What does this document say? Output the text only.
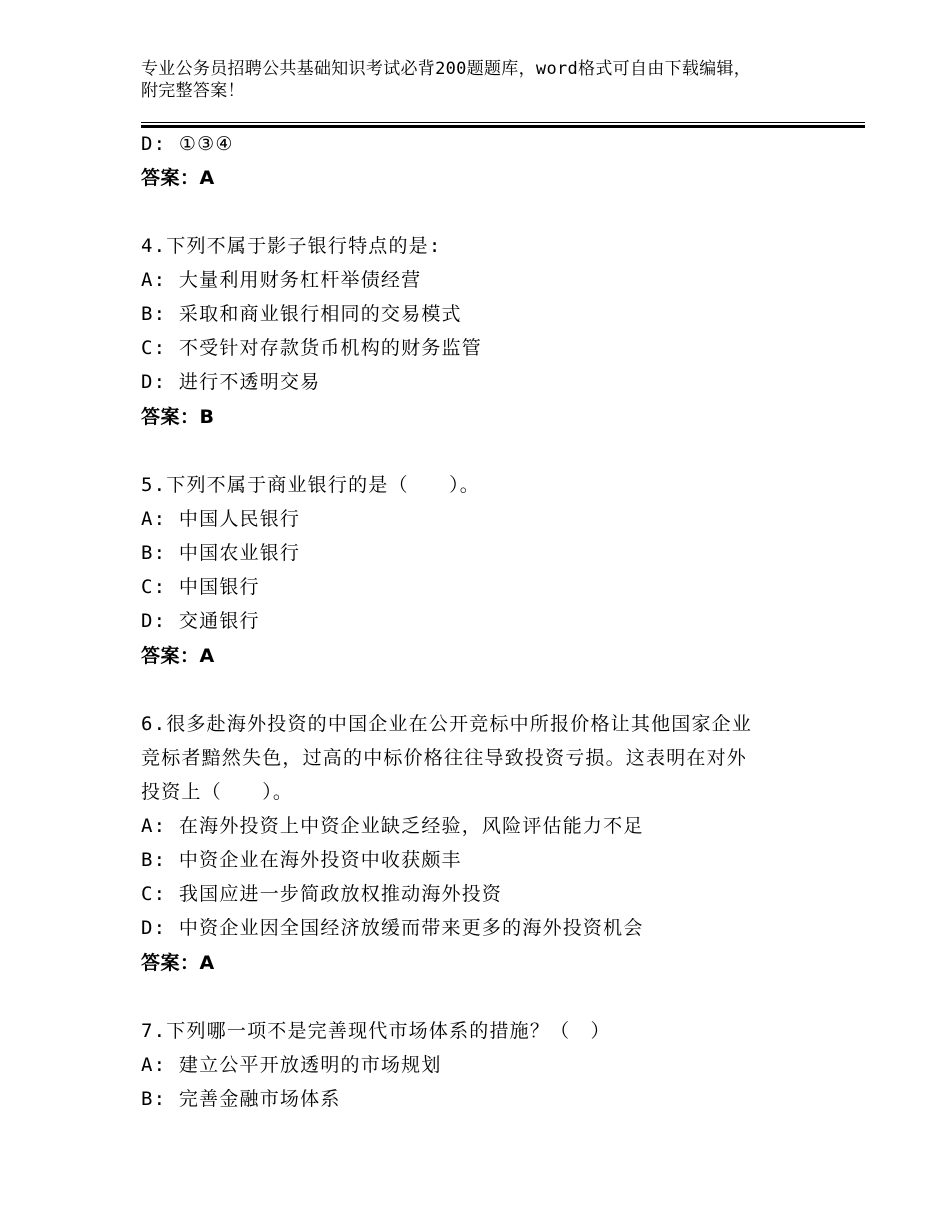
专业公务员招聘公共基础知识考试必背200题题库，word格式可自由下载编辑，
附完整答案！
D: ①③④
答案：A
4.下列不属于影子银行特点的是:
A: 大量利用财务杠杆举债经营
B: 采取和商业银行相同的交易模式
C: 不受针对存款货币机构的财务监管
D: 进行不透明交易
答案：B
5.下列不属于商业银行的是（　　）。
A: 中国人民银行
B: 中国农业银行
C: 中国银行
D: 交通银行
答案：A
6.很多赴海外投资的中国企业在公开竞标中所报价格让其他国家企业
竞标者黯然失色，过高的中标价格往往导致投资亏损。这表明在对外
投资上（　　）。
A: 在海外投资上中资企业缺乏经验，风险评估能力不足
B: 中资企业在海外投资中收获颇丰
C: 我国应进一步简政放权推动海外投资
D: 中资企业因全国经济放缓而带来更多的海外投资机会
答案：A
7.下列哪一项不是完善现代市场体系的措施？（　）
A: 建立公平开放透明的市场规划
B: 完善金融市场体系
